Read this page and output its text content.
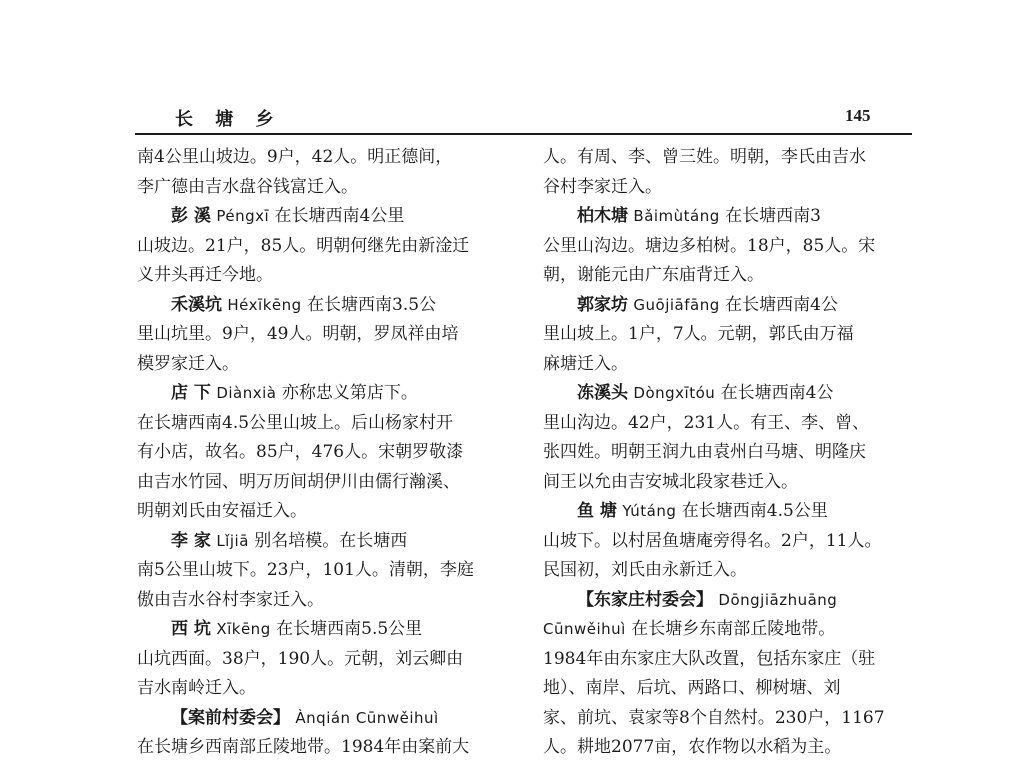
长 塘 乡	145
南4公里山坡边。9户，42人。明正德间，
李广德由吉水盘谷钱富迁入。
彭 溪 Péngxī 在长塘西南4公里
山坡边。21户，85人。明朝何继先由新淦迁
义井头再迁今地。
禾溪坑 Héxīkēng 在长塘西南3.5公
里山坑里。9户，49人。明朝，罗凤祥由培
模罗家迁入。
店 下 Diànxià 亦称忠义第店下。
在长塘西南4.5公里山坡上。后山杨家村开
有小店，故名。85户，476人。宋朝罗敬漆
由吉水竹园、明万历间胡伊川由儒行瀚溪、
明朝刘氏由安福迁入。
李 家 Lǐjiā 别名培模。在长塘西
南5公里山坡下。23户，101人。清朝，李庭
傲由吉水谷村李家迁入。
西 坑 Xīkēng 在长塘西南5.5公里
山坑西面。38户，190人。元朝，刘云卿由
吉水南岭迁入。
【案前村委会】 Ànqián Cūnwěihuì
在长塘乡西南部丘陵地带。1984年由案前大
人。有周、李、曾三姓。明朝，李氏由吉水
谷村李家迁入。
柏木塘 Bǎimùtáng 在长塘西南3
公里山沟边。塘边多柏树。18户，85人。宋
朝，谢能元由广东庙背迁入。
郭家坊 Guōjiāfāng 在长塘西南4公
里山坡上。1户，7人。元朝，郭氏由万福
麻塘迁入。
冻溪头 Dòngxītóu 在长塘西南4公
里山沟边。42户，231人。有王、李、曾、
张四姓。明朝王润九由袁州白马塘、明隆庆
间王以允由吉安城北段家巷迁入。
鱼 塘 Yútáng 在长塘西南4.5公里
山坡下。以村居鱼塘庵旁得名。2户，11人。
民国初，刘氏由永新迁入。
【东家庄村委会】 Dōngjiāzhuāng
Cūnwěihuì 在长塘乡东南部丘陵地带。
1984年由东家庄大队改置，包括东家庄（驻
地）、南岸、后坑、两路口、柳树塘、刘
家、前坑、袁家等8个自然村。230户，1167
人。耕地2077亩，农作物以水稻为主。
